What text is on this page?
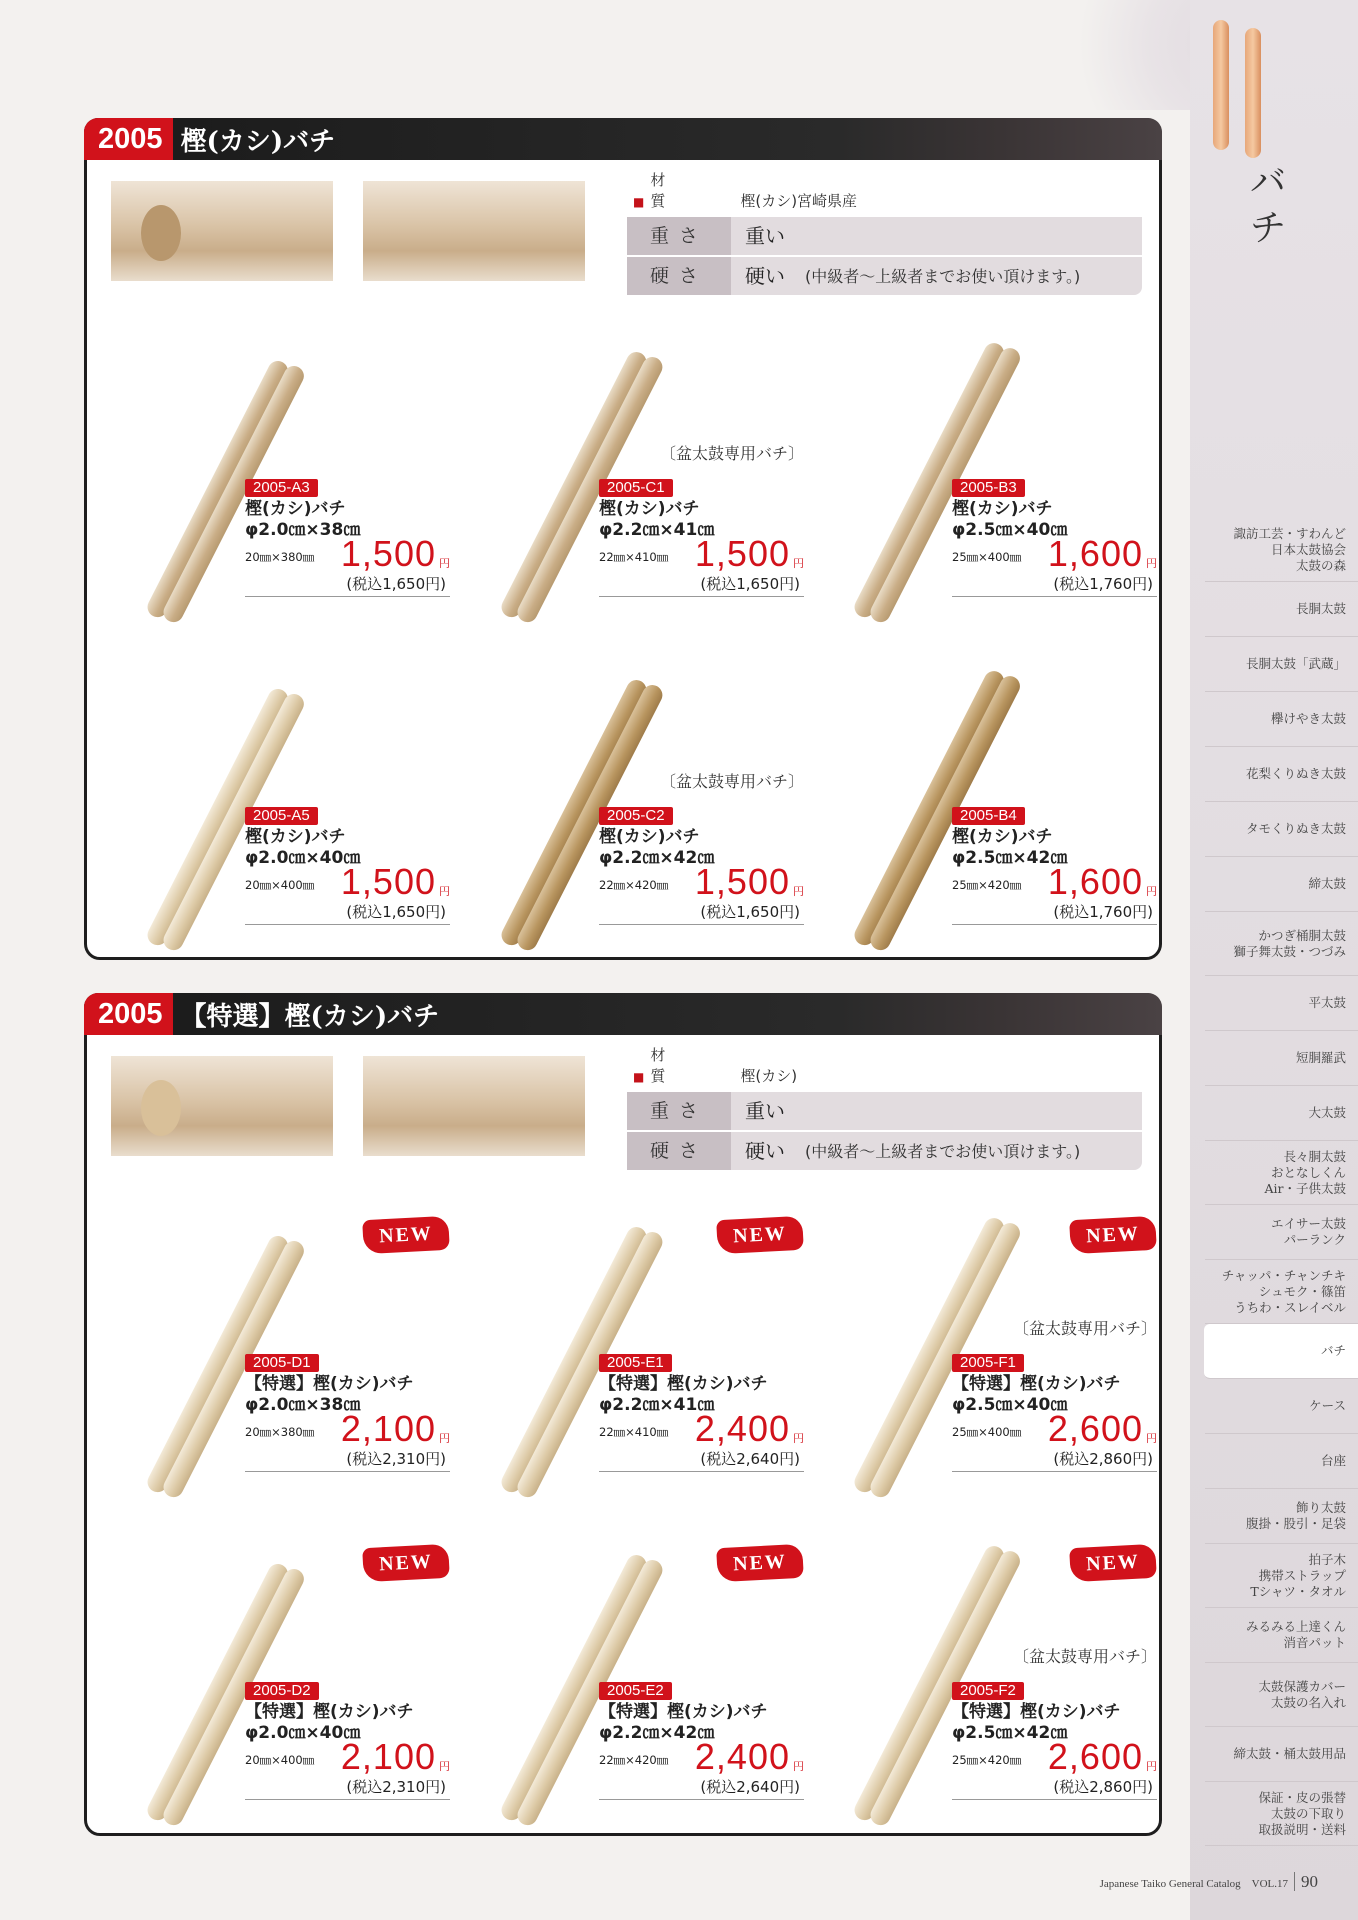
バチ
諏訪工芸・すわんど
日本太鼓協会
太鼓の森
長胴太鼓
長胴太鼓「武蔵」
欅けやき太鼓
花梨くりぬき太鼓
タモくりぬき太鼓
締太鼓
かつぎ桶胴太鼓
獅子舞太鼓・つづみ
平太鼓
短胴羅武
大太鼓
長々胴太鼓
おとなしくん
Air・子供太鼓
エイサー太鼓
パーランク
チャッパ・チャンチキ
シュモク・篠笛
うちわ・スレイベル
バチ
ケース
台座
飾り太鼓
腹掛・股引・足袋
拍子木
携帯ストラップ
Tシャツ・タオル
みるみる上達くん
消音パット
太鼓保護カバー
太鼓の名入れ
締太鼓・桶太鼓用品
保証・皮の張替
太鼓の下取り
取扱説明・送料
2005 樫(カシ)バチ
■材　質	樫(カシ)宮崎県産
重さ	重い
硬さ	硬い	(中級者～上級者までお使い頂けます。)
2005-A3
樫(カシ)バチ
φ2.0㎝×38㎝
20㎜×380㎜ 1,500 円
(税込1,650円)
〔盆太鼓専用バチ〕
2005-C1
樫(カシ)バチ
φ2.2㎝×41㎝
22㎜×410㎜ 1,500 円
(税込1,650円)
2005-B3
樫(カシ)バチ
φ2.5㎝×40㎝
25㎜×400㎜ 1,600 円
(税込1,760円)
2005-A5
樫(カシ)バチ
φ2.0㎝×40㎝
20㎜×400㎜ 1,500 円
(税込1,650円)
〔盆太鼓専用バチ〕
2005-C2
樫(カシ)バチ
φ2.2㎝×42㎝
22㎜×420㎜ 1,500 円
(税込1,650円)
2005-B4
樫(カシ)バチ
φ2.5㎝×42㎝
25㎜×420㎜ 1,600 円
(税込1,760円)
2005 【特選】樫(カシ)バチ
■材　質	樫(カシ)
重さ	重い
硬さ	硬い	(中級者～上級者までお使い頂けます。)
NEW
2005-D1
【特選】樫(カシ)バチ
φ2.0㎝×38㎝
20㎜×380㎜ 2,100 円
(税込2,310円)
NEW
2005-E1
【特選】樫(カシ)バチ
φ2.2㎝×41㎝
22㎜×410㎜ 2,400 円
(税込2,640円)
NEW
〔盆太鼓専用バチ〕
2005-F1
【特選】樫(カシ)バチ
φ2.5㎝×40㎝
25㎜×400㎜ 2,600 円
(税込2,860円)
NEW
2005-D2
【特選】樫(カシ)バチ
φ2.0㎝×40㎝
20㎜×400㎜ 2,100 円
(税込2,310円)
NEW
2005-E2
【特選】樫(カシ)バチ
φ2.2㎝×42㎝
22㎜×420㎜ 2,400 円
(税込2,640円)
NEW
〔盆太鼓専用バチ〕
2005-F2
【特選】樫(カシ)バチ
φ2.5㎝×42㎝
25㎜×420㎜ 2,600 円
(税込2,860円)
Japanese Taiko General Catalog　VOL.17 90
